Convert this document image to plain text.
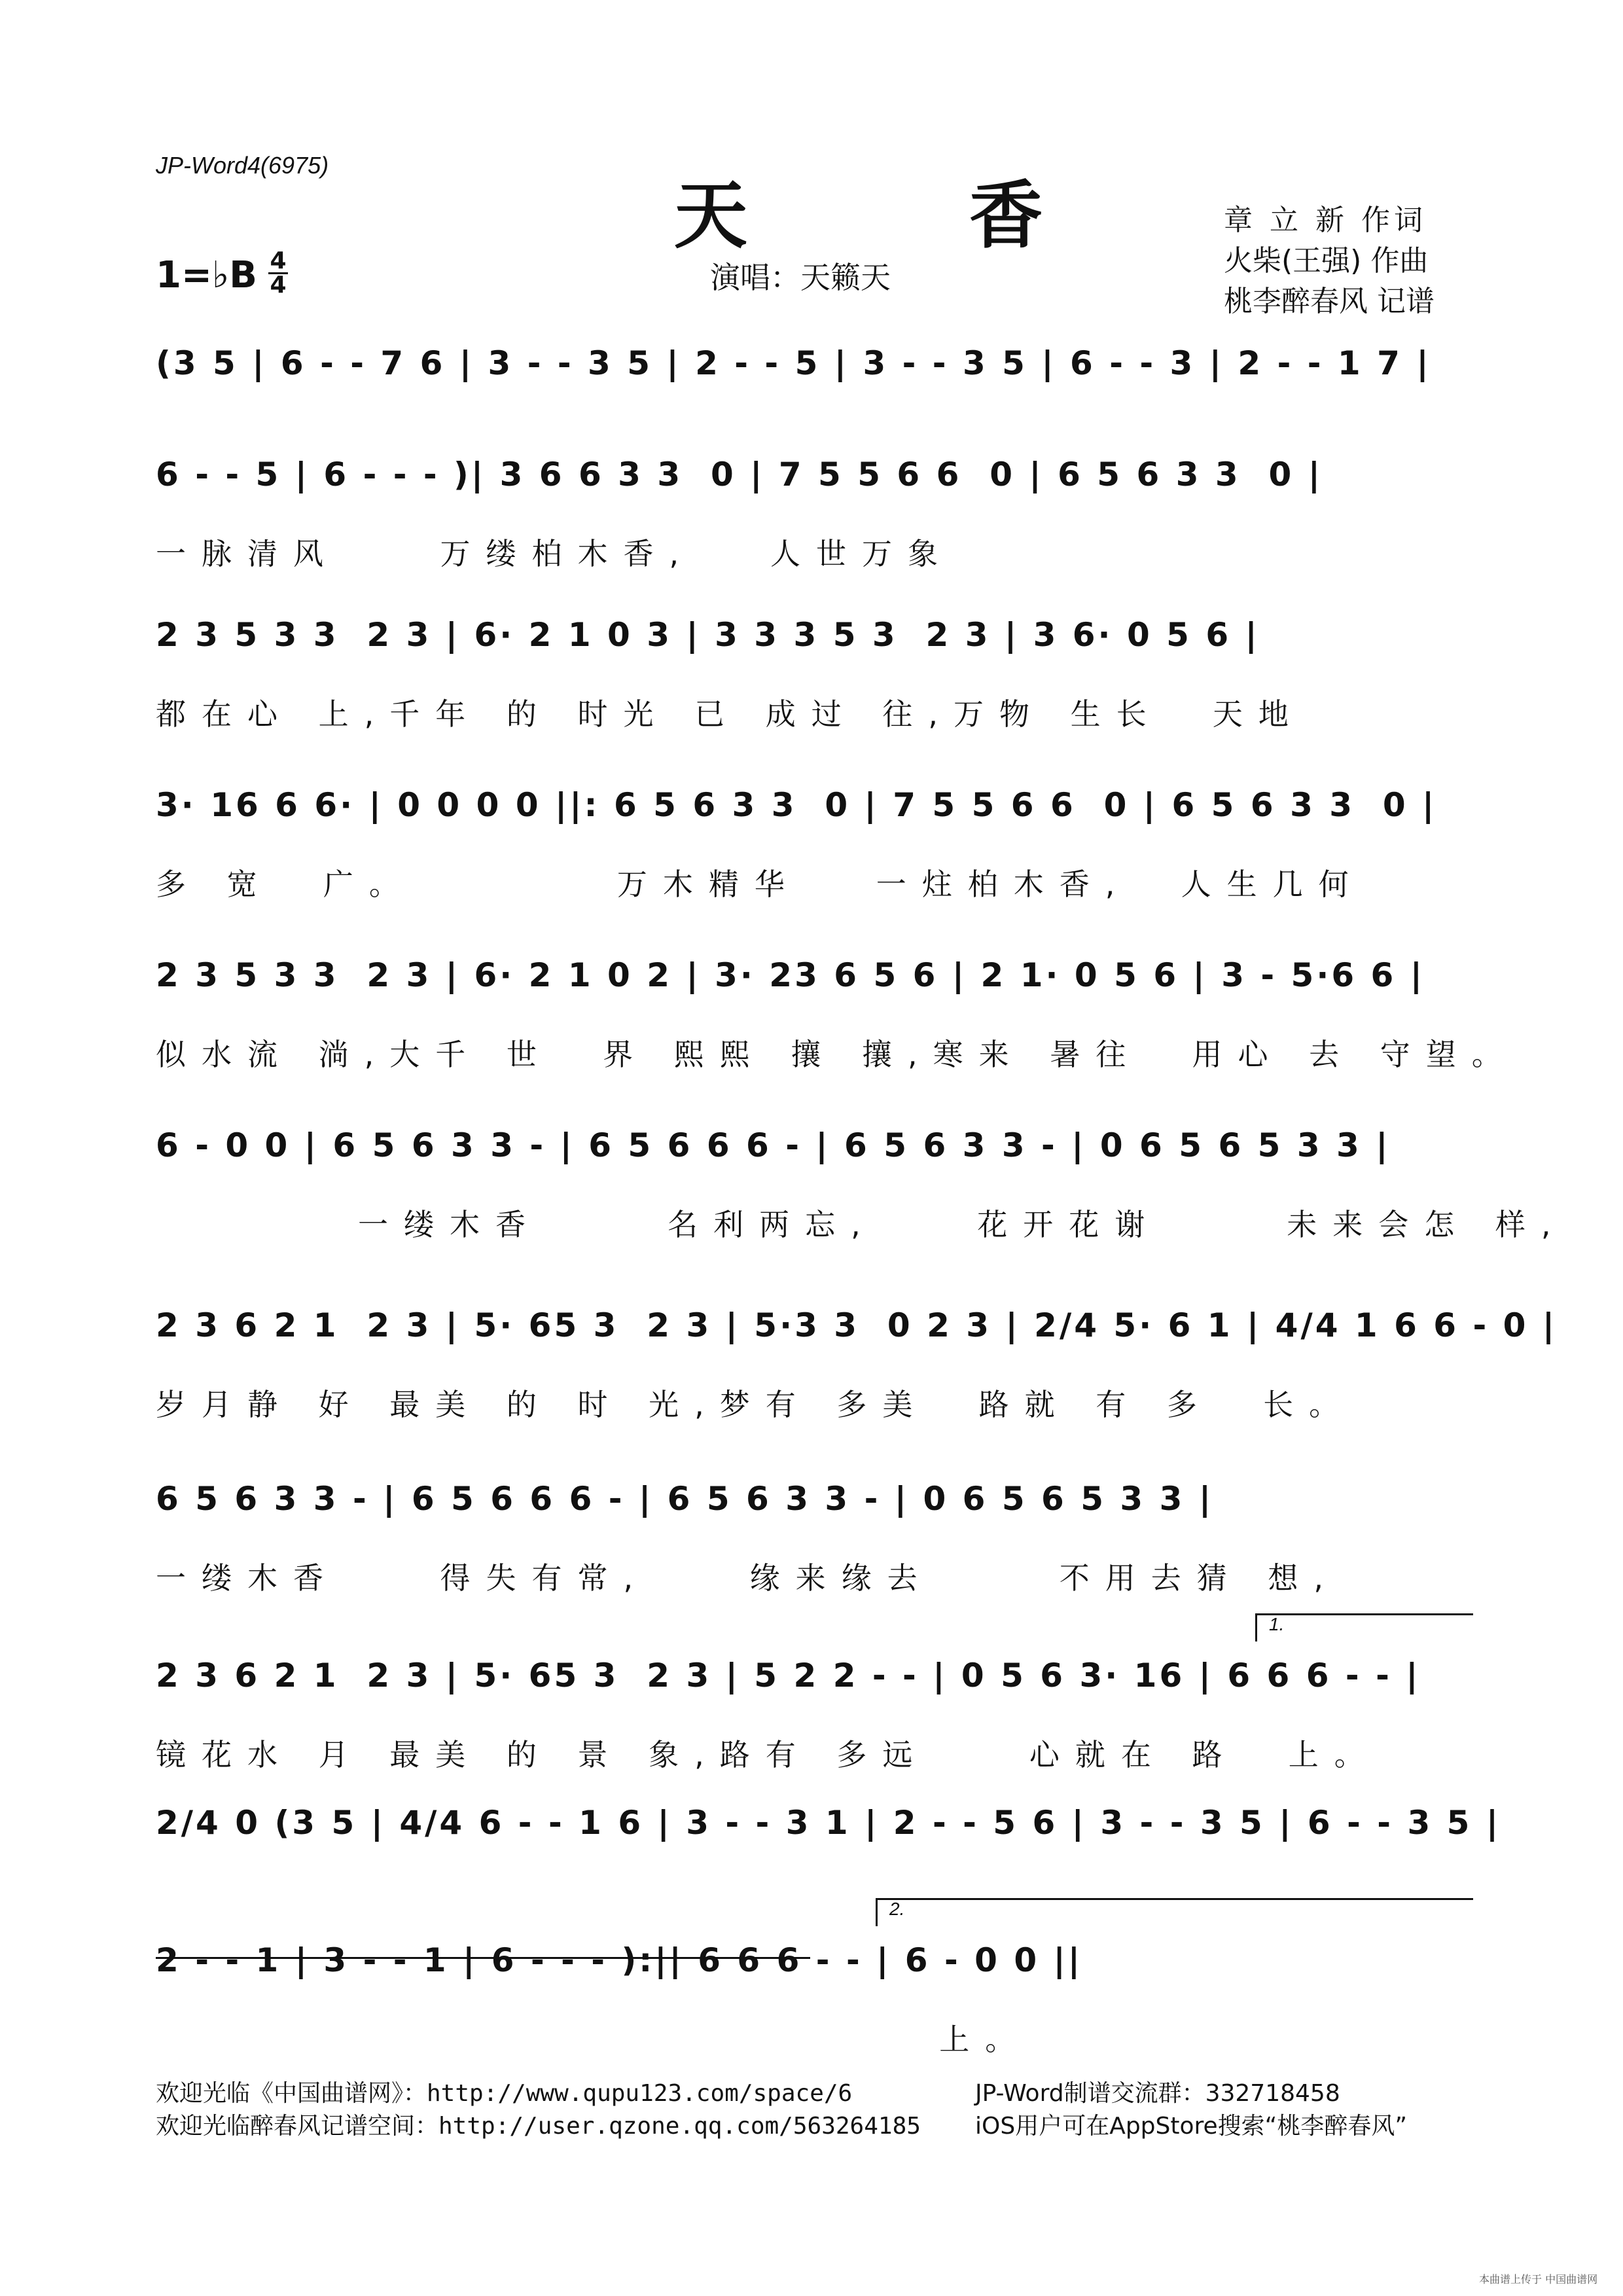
JP-Word4(6975)
天 香
演唱：天籁天
章 立 新 作词
火柴(王强) 作曲
桃李醉春风 记谱
1=♭B 4
4
(3 5 | 6 - - 7 6 | 3 - - 3 5 | 2 - - 5 | 3 - - 3 5 | 6 - - 3 | 2 - - 1 7 |
6 - - 5 | 6 - - - )| 3 6 6 3 3  0 | 7 5 5 6 6  0 | 6 5 6 3 3  0 |
一脉清风    万缕柏木香,   人世万象
2 3 5 3 3  2 3 | 6· 2 1 0 3 | 3 3 3 5 3  2 3 | 3 6· 0 5 6 |
都在心 上,千年 的 时光 已 成过 往,万物 生长  天地
3· 16 6 6· | 0 0 0 0 ||: 6 5 6 3 3  0 | 7 5 5 6 6  0 | 6 5 6 3 3  0 |
多 宽  广。        万木精华   一炷柏木香,  人生几何
2 3 5 3 3  2 3 | 6· 2 1 0 2 | 3· 23 6 5 6 | 2 1· 0 5 6 | 3 - 5·6 6 |
似水流 淌,大千 世  界 熙熙 攘 攘,寒来 暑往  用心 去 守望。
6 - 0 0 | 6 5 6 3 3 - | 6 5 6 6 6 - | 6 5 6 3 3 - | 0 6 5 6 5 3 3 |
一缕木香     名利两忘,    花开花谢     未来会怎 样,
2 3 6 2 1  2 3 | 5· 65 3  2 3 | 5·3 3  0 2 3 | 2/4 5· 6 1 | 4/4 1 6 6 - 0 |
岁月静 好 最美 的 时 光,梦有 多美  路就 有 多  长。
6 5 6 3 3 - | 6 5 6 6 6 - | 6 5 6 3 3 - | 0 6 5 6 5 3 3 |
一缕木香    得失有常,    缘来缘去     不用去猜 想,
2 3 6 2 1  2 3 | 5· 65 3  2 3 | 5 2 2 - - | 0 5 6 3· 16 | 6 6 6 - - |
镜花水 月 最美 的 景 象,路有 多远    心就在 路  上。
1.
2/4 0 (3 5 | 4/4 6 - - 1 6 | 3 - - 3 1 | 2 - - 5 6 | 3 - - 3 5 | 6 - - 3 5 |
2 - - 1 | 3 - - 1 | 6 - - - ):|| 6 6 6 - - | 6 - 0 0 ||
上。
2.
欢迎光临《中国曲谱网》：http://www.qupu123.com/space/6
欢迎光临醉春风记谱空间：http://user.qzone.qq.com/563264185
JP-Word制谱交流群：332718458
iOS用户可在AppStore搜索“桃李醉春风”
本曲谱上传于 中国曲谱网
